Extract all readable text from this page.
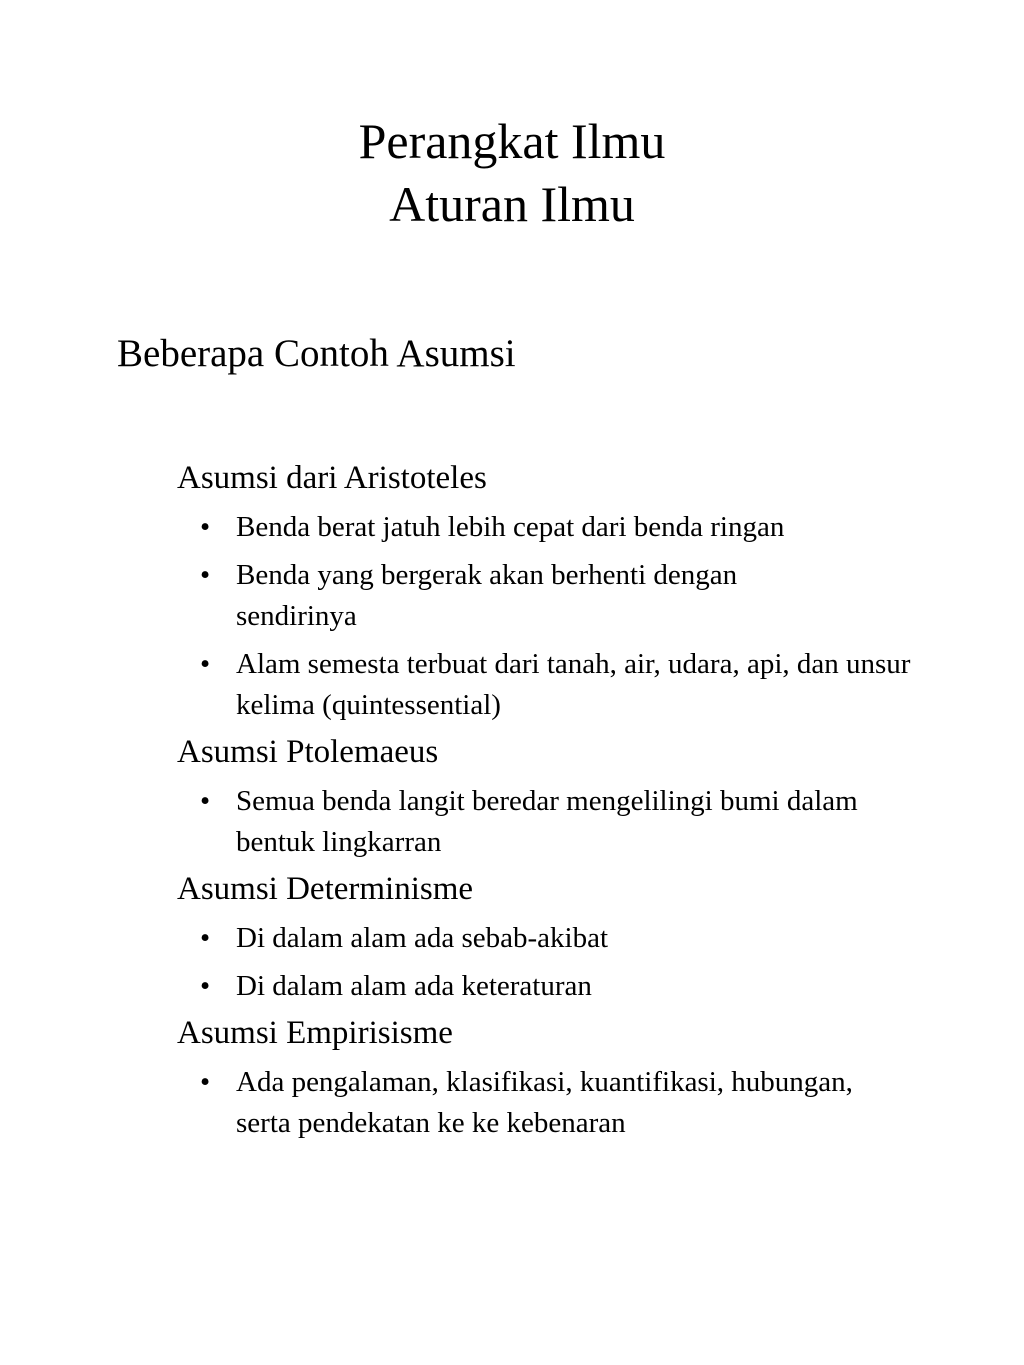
Perangkat Ilmu
Aturan Ilmu
Beberapa Contoh Asumsi
Asumsi dari Aristoteles
• Benda berat jatuh lebih cepat dari benda ringan
• Benda yang bergerak akan berhenti dengan sendirinya
• Alam semesta terbuat dari tanah, air, udara, api, dan unsur kelima (quintessential)
Asumsi Ptolemaeus
• Semua benda langit beredar mengelilingi bumi dalam bentuk lingkarran
Asumsi Determinisme
• Di dalam alam ada sebab-akibat
• Di dalam alam ada keteraturan
Asumsi Empirisisme
• Ada pengalaman, klasifikasi, kuantifikasi, hubungan, serta pendekatan ke ke kebenaran
